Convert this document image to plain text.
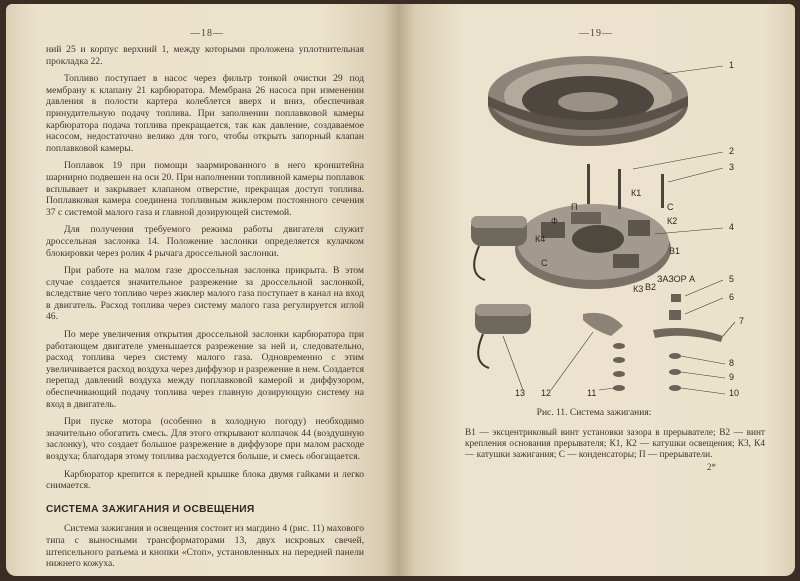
—18—

ний 25 и корпус верхний 1, между которыми проложена уплотнительная прокладка 22.

Топливо поступает в насос через фильтр тонкой очистки 29 под мембрану к клапану 21 карбюратора. Мембрана 26 насоса при изменении давления в полости картера колеблется вверх и вниз, обеспечивая принудительную подачу топлива. При заполнении поплавковой камеры карбюратора подача топлива прекращается, так как давление, создаваемое насосом, недостаточно велико для того, чтобы открыть запорный клапан поплавковой камеры.

Поплавок 19 при помощи заармированного в него кронштейна шарнирно подвешен на оси 20. При наполнении топливной камеры поплавок всплывает и закрывает клапаном отверстие, прекращая доступ топлива. Поплавковая камера соединена топливным жиклером постоянного сечения 37 с системой малого газа и главной дозирующей системой.

Для получения требуемого режима работы двигателя служит дроссельная заслонка 14. Положение заслонки определяется кулачком блокировки через ролик 4 рычага дроссельной заслонки.

При работе на малом газе дроссельная заслонка прикрыта. В этом случае создается значительное разрежение за дроссельной заслонкой, вследствие чего топливо через жиклер малого газа поступает в канал на вход в двигатель. Расход топлива через систему малого газа регулируется иглой 46.

По мере увеличения открытия дроссельной заслонки карбюратора при работающем двигателе уменьшается разрежение за ней и, следовательно, расход топлива через систему малого газа. Одновременно с этим увеличивается расход воздуха через диффузор и разрежение в нем. Создается перепад давлений воздуха между поплавковой камерой и диффузором, обеспечивающий подачу топлива через главную дозирующую систему на вход в двигатель.

При пуске мотора (особенно в холодную погоду) необходимо значительно обогатить смесь. Для этого открывают колпачок 44 (воздушную заслонку), что создает большое разрежение в диффузоре при малом расходе воздуха; благодаря этому топлива расходуется больше, и смесь обогащается.

Карбюратор крепится к передней крышке блока двумя гайками и легко снимается.

СИСТЕМА ЗАЖИГАНИЯ И ОСВЕЩЕНИЯ

Система зажигания и освещения состоит из магдино 4 (рис. 11) махового типа с выносными трансформаторами 13, двух искровых свечей, штепсельного разъема и кнопки «Стоп», установленных на передней панели нижнего кожуха.

—19—
1
2
3
4
5
6
7
8
9
10
11
12
13
К1
С
К2
П
Ф
К4
В1
С
К3 В2
ЗАЗОР А
Рис. 11. Система зажигания:
В1 — эксцентриковый винт установки зазора в прерывателе; В2 — винт крепления основания прерывателя; К1, К2 — катушки освещения; К3, К4 — катушки зажигания; С — конденсаторы; П — прерыватели.
2*
